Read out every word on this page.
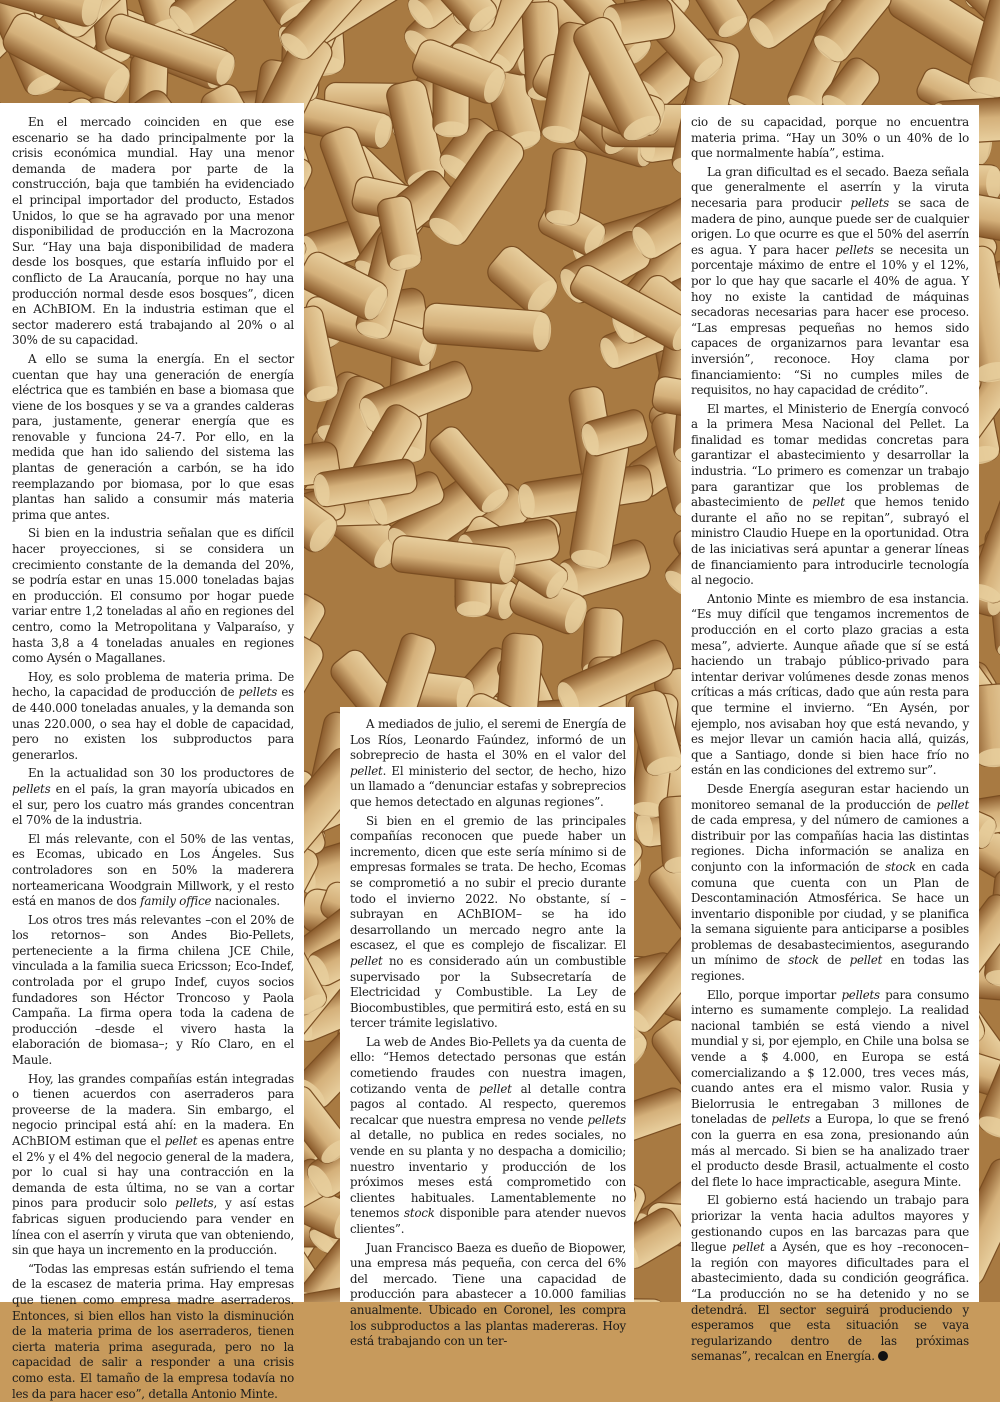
En el mercado coinciden en que ese escenario se ha dado principalmente por la crisis económica mundial. Hay una menor demanda de madera por parte de la construcción, baja que también ha evidenciado el principal importador del producto, Estados Unidos, lo que se ha agravado por una menor disponibilidad de producción en la Macrozona Sur. “Hay una baja disponibilidad de madera desde los bosques, que estaría influido por el conflicto de La Araucanía, porque no hay una producción normal desde esos bosques”, dicen en AChBIOM. En la industria estiman que el sector maderero está trabajando al 20% o al 30% de su capacidad.

A ello se suma la energía. En el sector cuentan que hay una generación de energía eléctrica que es también en base a biomasa que viene de los bosques y se va a grandes calderas para, justamente, generar energía que es renovable y funciona 24-7. Por ello, en la medida que han ido saliendo del sistema las plantas de generación a carbón, se ha ido reemplazando por biomasa, por lo que esas plantas han salido a consumir más materia prima que antes.

Si bien en la industria señalan que es difícil hacer proyecciones, si se considera un crecimiento constante de la demanda del 20%, se podría estar en unas 15.000 toneladas bajas en producción. El consumo por hogar puede variar entre 1,2 toneladas al año en regiones del centro, como la Metropolitana y Valparaíso, y hasta 3,8 a 4 toneladas anuales en regiones como Aysén o Magallanes.

Hoy, es solo problema de materia prima. De hecho, la capacidad de producción de pellets es de 440.000 toneladas anuales, y la demanda son unas 220.000, o sea hay el doble de capacidad, pero no existen los subproductos para generarlos.

En la actualidad son 30 los productores de pellets en el país, la gran mayoría ubicados en el sur, pero los cuatro más grandes concentran el 70% de la industria.

El más relevante, con el 50% de las ventas, es Ecomas, ubicado en Los Ángeles. Sus controladores son en 50% la maderera norteamericana Woodgrain Millwork, y el resto está en manos de dos family office nacionales.

Los otros tres más relevantes –con el 20% de los retornos– son Andes Bio-Pellets, perteneciente a la firma chilena JCE Chile, vinculada a la familia sueca Ericsson; Eco-Indef, controlada por el grupo Indef, cuyos socios fundadores son Héctor Troncoso y Paola Campaña. La firma opera toda la cadena de producción –desde el vivero hasta la elaboración de biomasa–; y Río Claro, en el Maule.

Hoy, las grandes compañías están integradas o tienen acuerdos con aserraderos para proveerse de la madera. Sin embargo, el negocio principal está ahí: en la madera. En AChBIOM estiman que el pellet es apenas entre el 2% y el 4% del negocio general de la madera, por lo cual si hay una contracción en la demanda de esta última, no se van a cortar pinos para producir solo pellets, y así estas fabricas siguen produciendo para vender en línea con el aserrín y viruta que van obteniendo, sin que haya un incremento en la producción.

“Todas las empresas están sufriendo el tema de la escasez de materia prima. Hay empresas que tienen como empresa madre aserraderos. Entonces, si bien ellos han visto la disminución de la materia prima de los aserraderos, tienen cierta materia prima asegurada, pero no la capacidad de salir a responder a una crisis como esta. El tamaño de la empresa todavía no les da para hacer eso”, detalla Antonio Minte.

A mediados de julio, el seremi de Energía de Los Ríos, Leonardo Faúndez, informó de un sobreprecio de hasta el 30% en el valor del pellet. El ministerio del sector, de hecho, hizo un llamado a “denunciar estafas y sobreprecios que hemos detectado en algunas regiones”.

Si bien en el gremio de las principales compañías reconocen que puede haber un incremento, dicen que este sería mínimo si de empresas formales se trata. De hecho, Ecomas se comprometió a no subir el precio durante todo el invierno 2022. No obstante, sí –subrayan en AChBIOM– se ha ido desarrollando un mercado negro ante la escasez, el que es complejo de fiscalizar. El pellet no es considerado aún un combustible supervisado por la Subsecretaría de Electricidad y Combustible. La Ley de Biocombustibles, que permitirá esto, está en su tercer trámite legislativo.

La web de Andes Bio-Pellets ya da cuenta de ello: “Hemos detectado personas que están cometiendo fraudes con nuestra imagen, cotizando venta de pellet al detalle contra pagos al contado. Al respecto, queremos recalcar que nuestra empresa no vende pellets al detalle, no publica en redes sociales, no vende en su planta y no despacha a domicilio; nuestro inventario y producción de los próximos meses está comprometido con clientes habituales. Lamentablemente no tenemos stock disponible para atender nuevos clientes”.

Juan Francisco Baeza es dueño de Biopower, una empresa más pequeña, con cerca del 6% del mercado. Tiene una capacidad de producción para abastecer a 10.000 familias anualmente. Ubicado en Coronel, les compra los subproductos a las plantas madereras. Hoy está trabajando con un ter-

cio de su capacidad, porque no encuentra materia prima. “Hay un 30% o un 40% de lo que normalmente había”, estima.

La gran dificultad es el secado. Baeza señala que generalmente el aserrín y la viruta necesaria para producir pellets se saca de madera de pino, aunque puede ser de cualquier origen. Lo que ocurre es que el 50% del aserrín es agua. Y para hacer pellets se necesita un porcentaje máximo de entre el 10% y el 12%, por lo que hay que sacarle el 40% de agua. Y hoy no existe la cantidad de máquinas secadoras necesarias para hacer ese proceso. “Las empresas pequeñas no hemos sido capaces de organizarnos para levantar esa inversión”, reconoce. Hoy clama por financiamiento: “Si no cumples miles de requisitos, no hay capacidad de crédito”.

El martes, el Ministerio de Energía convocó a la primera Mesa Nacional del Pellet. La finalidad es tomar medidas concretas para garantizar el abastecimiento y desarrollar la industria. “Lo primero es comenzar un trabajo para garantizar que los problemas de abastecimiento de pellet que hemos tenido durante el año no se repitan”, subrayó el ministro Claudio Huepe en la oportunidad. Otra de las iniciativas será apuntar a generar líneas de financiamiento para introducirle tecnología al negocio.

Antonio Minte es miembro de esa instancia. “Es muy difícil que tengamos incrementos de producción en el corto plazo gracias a esta mesa”, advierte. Aunque añade que sí se está haciendo un trabajo público-privado para intentar derivar volúmenes desde zonas menos críticas a más críticas, dado que aún resta para que termine el invierno. “En Aysén, por ejemplo, nos avisaban hoy que está nevando, y es mejor llevar un camión hacia allá, quizás, que a Santiago, donde si bien hace frío no están en las condiciones del extremo sur”.

Desde Energía aseguran estar haciendo un monitoreo semanal de la producción de pellet de cada empresa, y del número de camiones a distribuir por las compañías hacia las distintas regiones. Dicha información se analiza en conjunto con la información de stock en cada comuna que cuenta con un Plan de Descontaminación Atmosférica. Se hace un inventario disponible por ciudad, y se planifica la semana siguiente para anticiparse a posibles problemas de desabastecimientos, asegurando un mínimo de stock de pellet en todas las regiones.

Ello, porque importar pellets para consumo interno es sumamente complejo. La realidad nacional también se está viendo a nivel mundial y si, por ejemplo, en Chile una bolsa se vende a $ 4.000, en Europa se está comercializando a $ 12.000, tres veces más, cuando antes era el mismo valor. Rusia y Bielorrusia le entregaban 3 millones de toneladas de pellets a Europa, lo que se frenó con la guerra en esa zona, presionando aún más al mercado. Si bien se ha analizado traer el producto desde Brasil, actualmente el costo del flete lo hace impracticable, asegura Minte.

El gobierno está haciendo un trabajo para priorizar la venta hacia adultos mayores y gestionando cupos en las barcazas para que llegue pellet a Aysén, que es hoy –reconocen– la región con mayores dificultades para el abastecimiento, dada su condición geográfica. “La producción no se ha detenido y no se detendrá. El sector seguirá produciendo y esperamos que esta situación se vaya regularizando dentro de las próximas semanas”, recalcan en Energía.
